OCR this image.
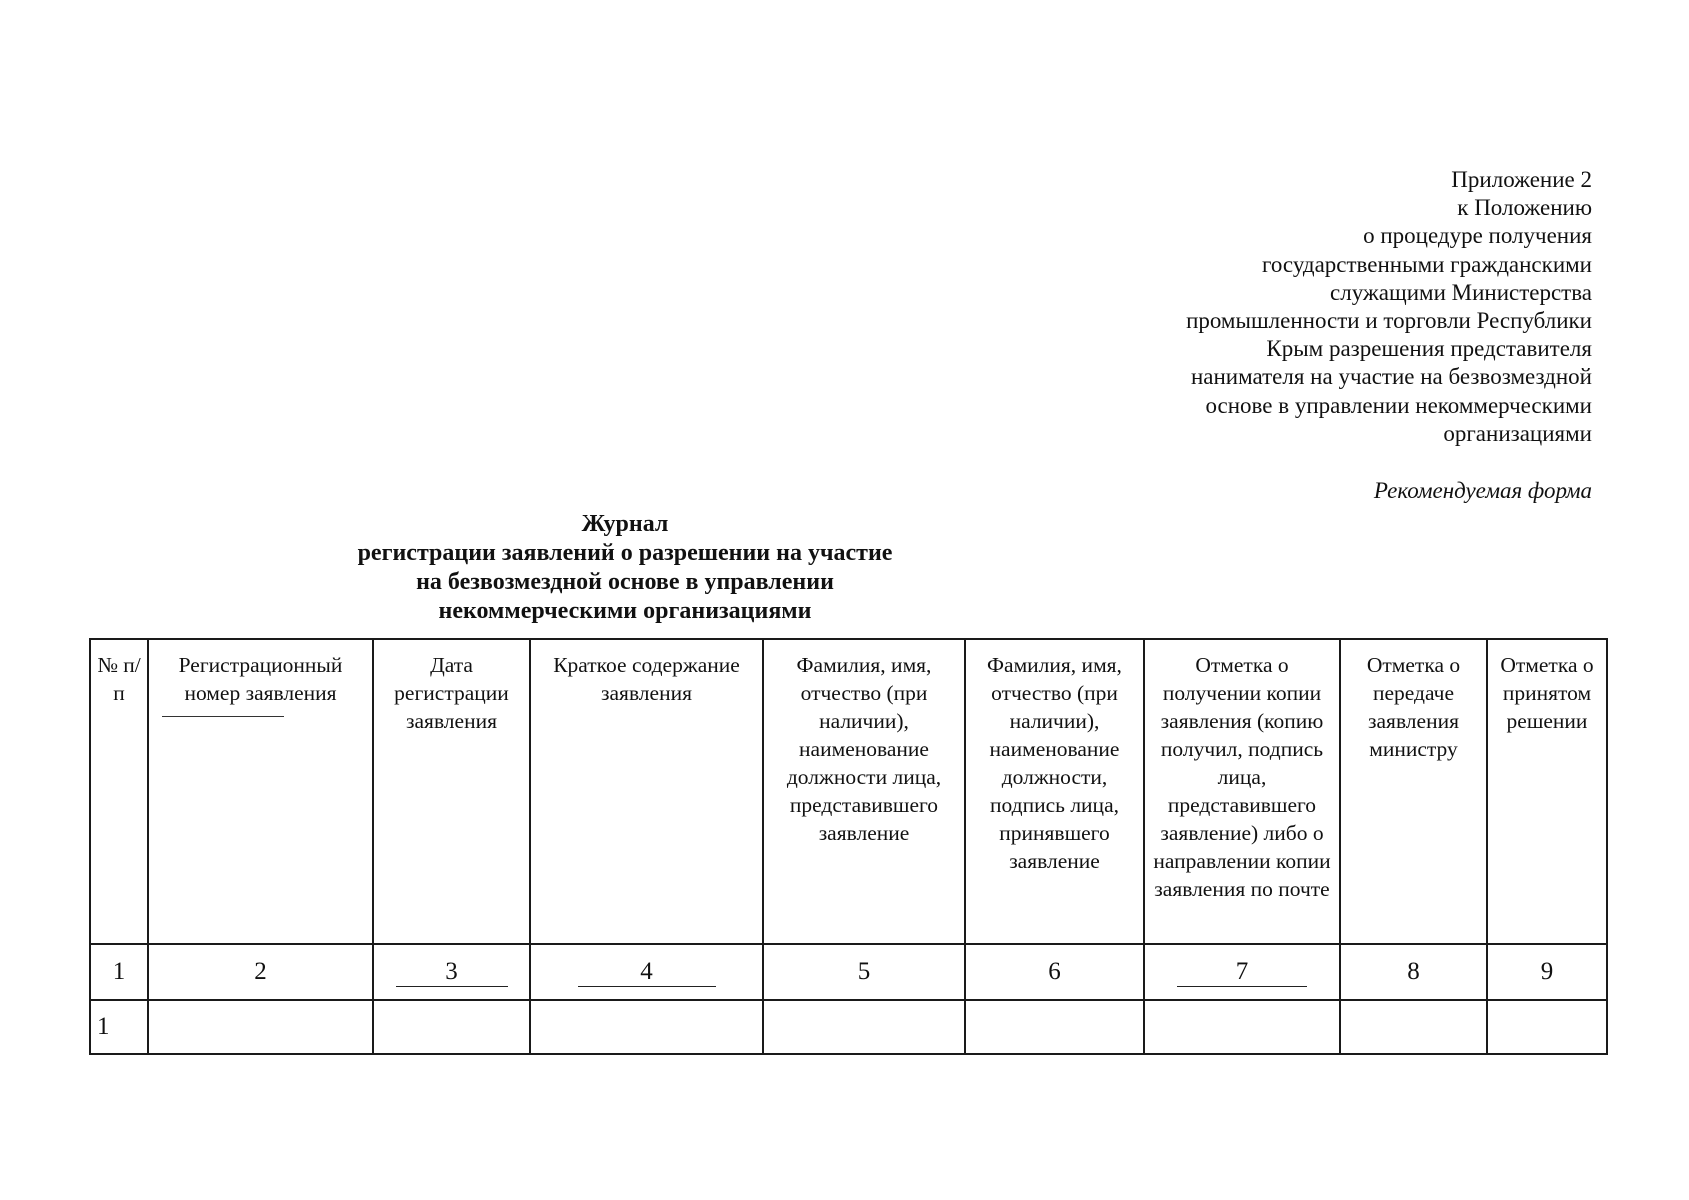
Приложение 2
к Положению
о процедуре получения
государственными гражданскими
служащими Министерства
промышленности и торговли Республики
Крым разрешения представителя
нанимателя на участие на безвозмездной
основе в управлении некоммерческими
организациями
Рекомендуемая форма
Журнал
регистрации заявлений о разрешении на участие
на безвозмездной основе в управлении
некоммерческими организациями
№ п/п	Регистрационный номер заявления	Дата регистрации заявления	Краткое содержание заявления	Фамилия, имя, отчество (при наличии), наименование должности лица, представившего заявление	Фамилия, имя, отчество (при наличии), наименование должности, подпись лица, принявшего заявление	Отметка о получении копии заявления (копию получил, подпись лица, представившего заявление) либо о направлении копии заявления по почте	Отметка о передаче заявления министру	Отметка о принятом решении
1	2	3	4	5	6	7	8	9
1								
